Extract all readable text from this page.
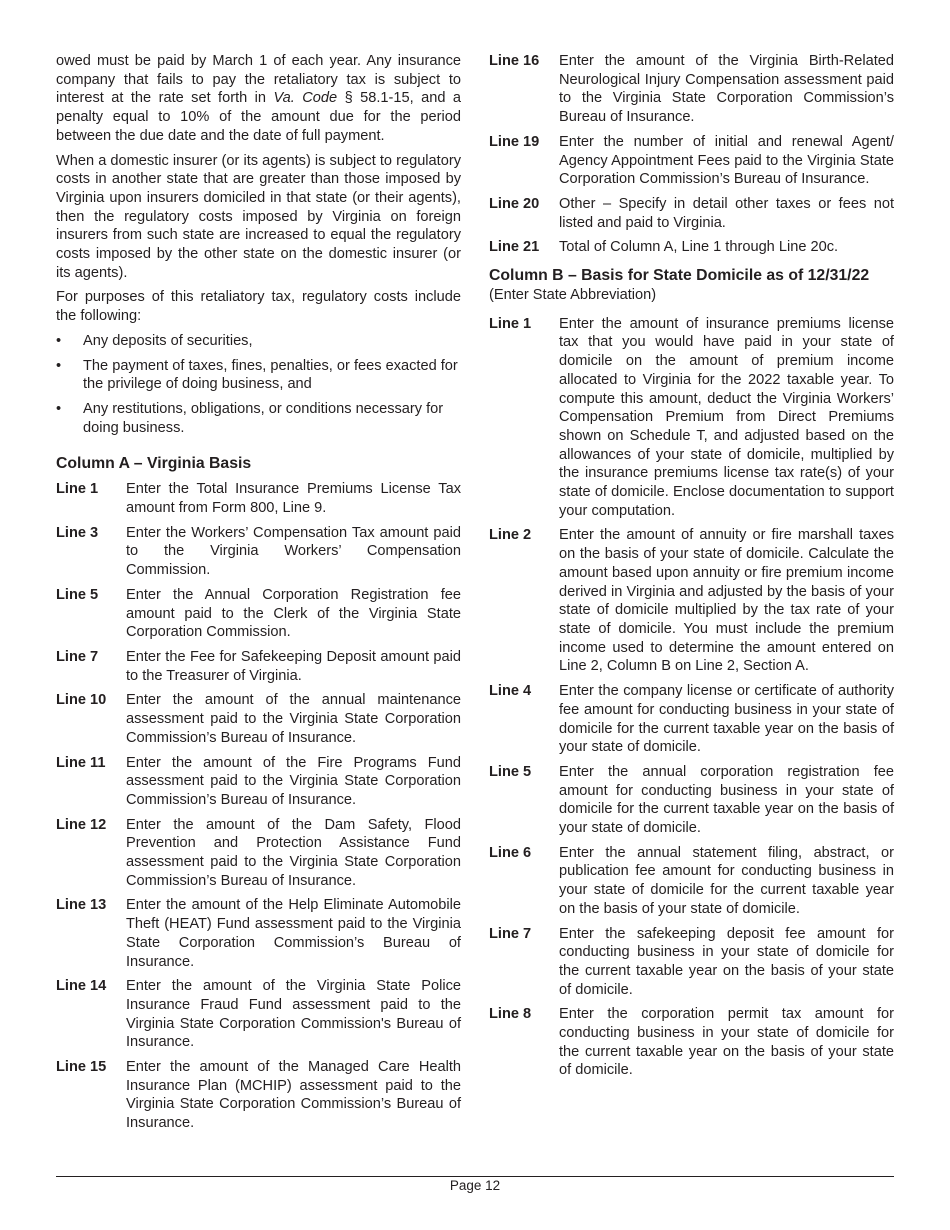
owed must be paid by March 1 of each year. Any insurance company that fails to pay the retaliatory tax is subject to interest at the rate set forth in Va. Code § 58.1-15, and a penalty equal to 10% of the amount due for the period between the due date and the date of full payment.

When a domestic insurer (or its agents) is subject to regulatory costs in another state that are greater than those imposed by Virginia upon insurers domiciled in that state (or their agents), then the regulatory costs imposed by Virginia on foreign insurers from such state are increased to equal the regulatory costs imposed by the other state on the domestic insurer (or its agents).

For purposes of this retaliatory tax, regulatory costs include the following:

• Any deposits of securities,
• The payment of taxes, fines, penalties, or fees exacted for the privilege of doing business, and
• Any restitutions, obligations, or conditions necessary for doing business.
Column A – Virginia Basis
Line 1	Enter the Total Insurance Premiums License Tax amount from Form 800, Line 9.
Line 3	Enter the Workers’ Compensation Tax amount paid to the Virginia Workers’ Compensation Commission.
Line 5	Enter the Annual Corporation Registration fee amount paid to the Clerk of the Virginia State Corporation Commission.
Line 7	Enter the Fee for Safekeeping Deposit amount paid to the Treasurer of Virginia.
Line 10	Enter the amount of the annual maintenance assessment paid to the Virginia State Corporation Commission’s Bureau of Insurance.
Line 11	Enter the amount of the Fire Programs Fund assessment paid to the Virginia State Corporation Commission’s Bureau of Insurance.
Line 12	Enter the amount of the Dam Safety, Flood Prevention and Protection Assistance Fund assessment paid to the Virginia State Corporation Commission’s Bureau of Insurance.
Line 13	Enter the amount of the Help Eliminate Automobile Theft (HEAT) Fund assessment paid to the Virginia State Corporation Commission’s Bureau of Insurance.
Line 14	Enter the amount of the Virginia State Police Insurance Fraud Fund assessment paid to the Virginia State Corporation Commission's Bureau of Insurance.
Line 15	Enter the amount of the Managed Care Health Insurance Plan (MCHIP) assessment paid to the Virginia State Corporation Commission’s Bureau of Insurance.
Line 16	Enter the amount of the Virginia Birth-Related Neurological Injury Compensation assessment paid to the Virginia State Corporation Commission’s Bureau of Insurance.
Line 19	Enter the number of initial and renewal Agent/ Agency Appointment Fees paid to the Virginia State Corporation Commission’s Bureau of Insurance.
Line 20	Other – Specify in detail other taxes or fees not listed and paid to Virginia.
Line 21	Total of Column A, Line 1 through Line 20c.
Column B – Basis for State Domicile as of 12/31/22
(Enter State Abbreviation)
Line 1	Enter the amount of insurance premiums license tax that you would have paid in your state of domicile on the amount of premium income allocated to Virginia for the 2022 taxable year. To compute this amount, deduct the Virginia Workers’ Compensation Premium from Direct Premiums shown on Schedule T, and adjusted based on the allowances of your state of domicile, multiplied by the insurance premiums license tax rate(s) of your state of domicile. Enclose documentation to support your computation.
Line 2	Enter the amount of annuity or fire marshall taxes on the basis of your state of domicile. Calculate the amount based upon annuity or fire premium income derived in Virginia and adjusted by the basis of your state of domicile multiplied by the tax rate of your state of domicile. You must include the premium income used to determine the amount entered on Line 2, Column B on Line 2, Section A.
Line 4	Enter the company license or certificate of authority fee amount for conducting business in your state of domicile for the current taxable year on the basis of your state of domicile.
Line 5	Enter the annual corporation registration fee amount for conducting business in your state of domicile for the current taxable year on the basis of your state of domicile.
Line 6	Enter the annual statement filing, abstract, or publication fee amount for conducting business in your state of domicile for the current taxable year on the basis of your state of domicile.
Line 7	Enter the safekeeping deposit fee amount for conducting business in your state of domicile for the current taxable year on the basis of your state of domicile.
Line 8	Enter the corporation permit tax amount for conducting business in your state of domicile for the current taxable year on the basis of your state of domicile.
Page 12
